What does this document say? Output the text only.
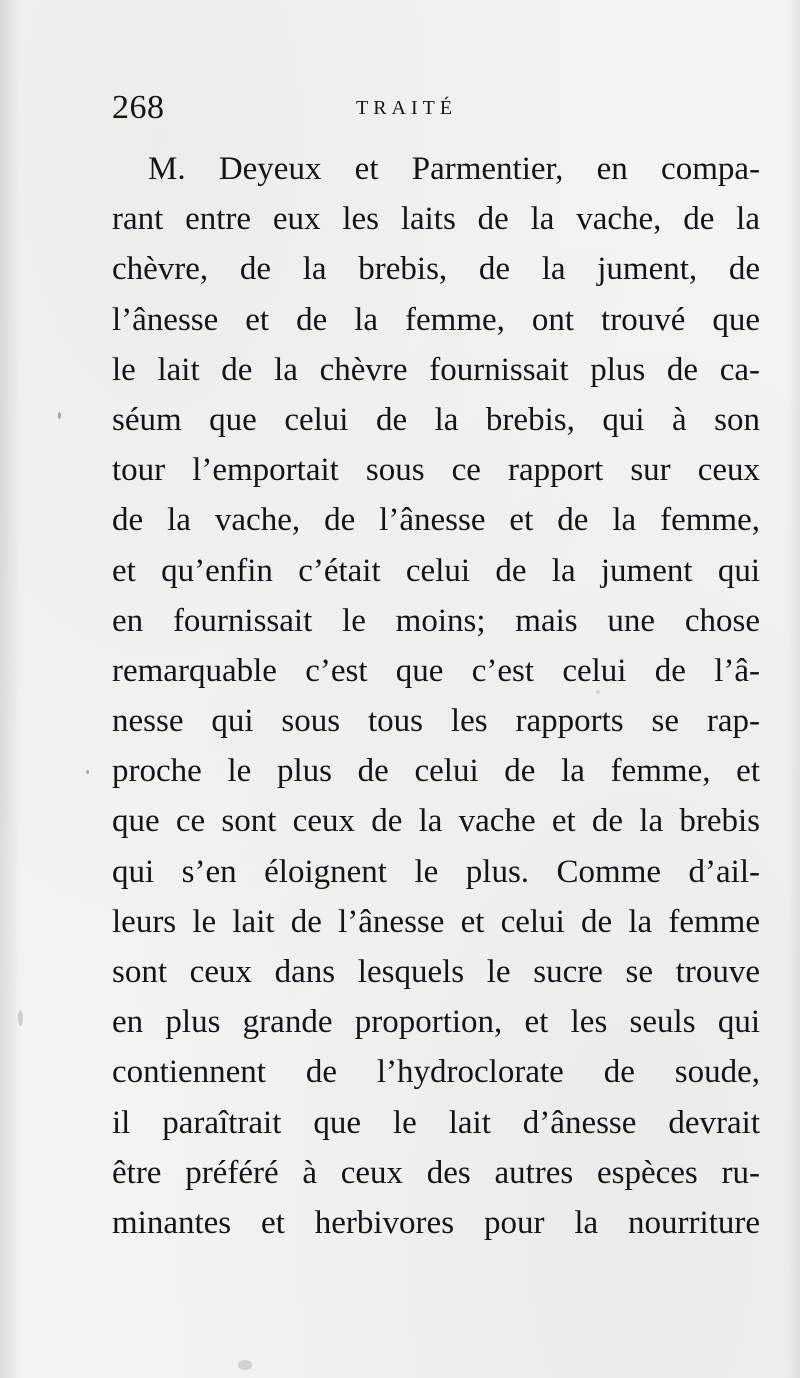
268	TRAITÉ
M. Deyeux et Parmentier, en compa-
rant entre eux les laits de la vache, de la
chèvre, de la brebis, de la jument, de
l’ânesse et de la femme, ont trouvé que
le lait de la chèvre fournissait plus de ca-
séum que celui de la brebis, qui à son
tour l’emportait sous ce rapport sur ceux
de la vache, de l’ânesse et de la femme,
et qu’enfin c’était celui de la jument qui
en fournissait le moins; mais une chose
remarquable c’est que c’est celui de l’â-
nesse qui sous tous les rapports se rap-
proche le plus de celui de la femme, et
que ce sont ceux de la vache et de la brebis
qui s’en éloignent le plus. Comme d’ail-
leurs le lait de l’ânesse et celui de la femme
sont ceux dans lesquels le sucre se trouve
en plus grande proportion, et les seuls qui
contiennent de l’hydroclorate de soude,
il paraîtrait que le lait d’ânesse devrait
être préféré à ceux des autres espèces ru-
minantes et herbivores pour la nourriture
